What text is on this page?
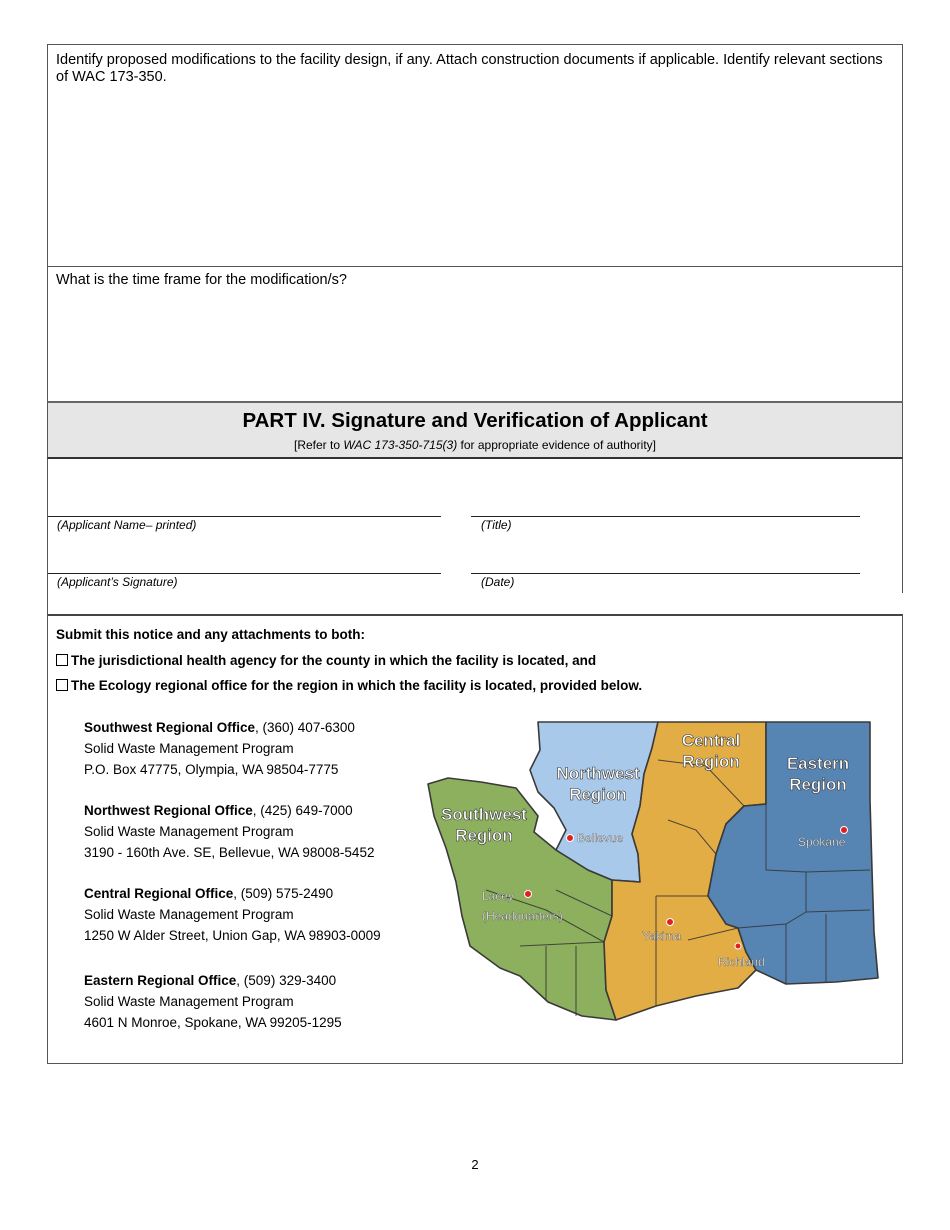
Identify proposed modifications to the facility design, if any. Attach construction documents if applicable. Identify relevant sections of WAC 173-350.
What is the time frame for the modification/s?
PART IV. Signature and Verification of Applicant
[Refer to WAC 173-350-715(3) for appropriate evidence of authority]
(Applicant Name– printed)	(Title)
(Applicant’s Signature)	(Date)
Submit this notice and any attachments to both:
The jurisdictional health agency for the county in which the facility is located, and
The Ecology regional office for the region in which the facility is located, provided below.
Southwest Regional Office, (360) 407-6300
Solid Waste Management Program
P.O. Box 47775, Olympia, WA 98504-7775
Northwest Regional Office, (425) 649-7000
Solid Waste Management Program
3190 - 160th Ave. SE, Bellevue, WA 98008-5452
Central Regional Office, (509) 575-2490
Solid Waste Management Program
1250 W Alder Street, Union Gap, WA 98903-0009
Eastern Regional Office, (509) 329-3400
Solid Waste Management Program
4601 N Monroe, Spokane, WA 99205-1295
Southwest
Region
Northwest
Region
Central
Region	Eastern
Region
Bellevue
Lacey
(Headquarters)
Yakima
Richland
Spokane
2
